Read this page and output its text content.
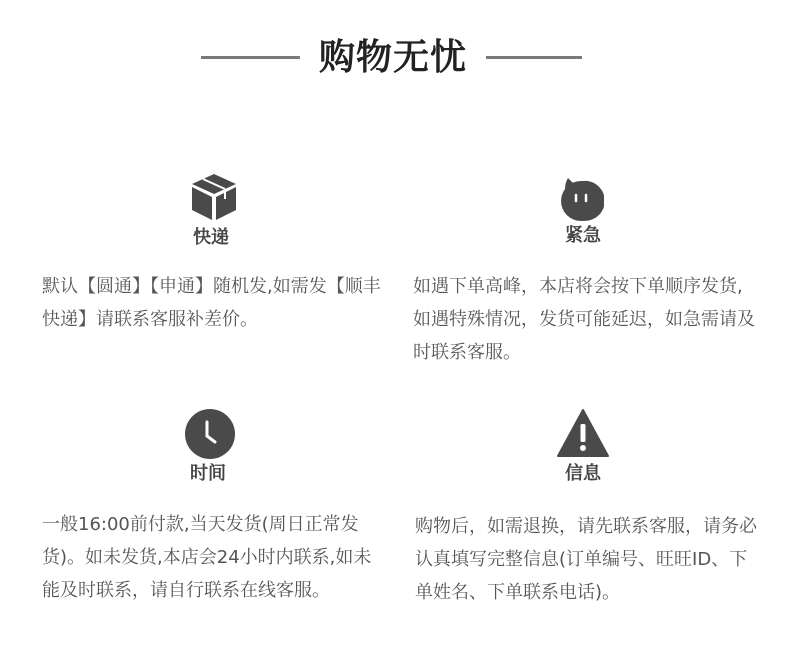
购物无忧
快递
默认【圆通】【申通】随机发,如需发【顺丰快递】请联系客服补差价。
紧急
如遇下单高峰，本店将会按下单顺序发货,如遇特殊情况，发货可能延迟，如急需请及时联系客服。
时间
一般16:00前付款,当天发货(周日正常发货)。如未发货,本店会24小时内联系,如未能及时联系，请自行联系在线客服。
信息
购物后，如需退换，请先联系客服，请务必认真填写完整信息(订单编号、旺旺ID、下单姓名、下单联系电话)。
